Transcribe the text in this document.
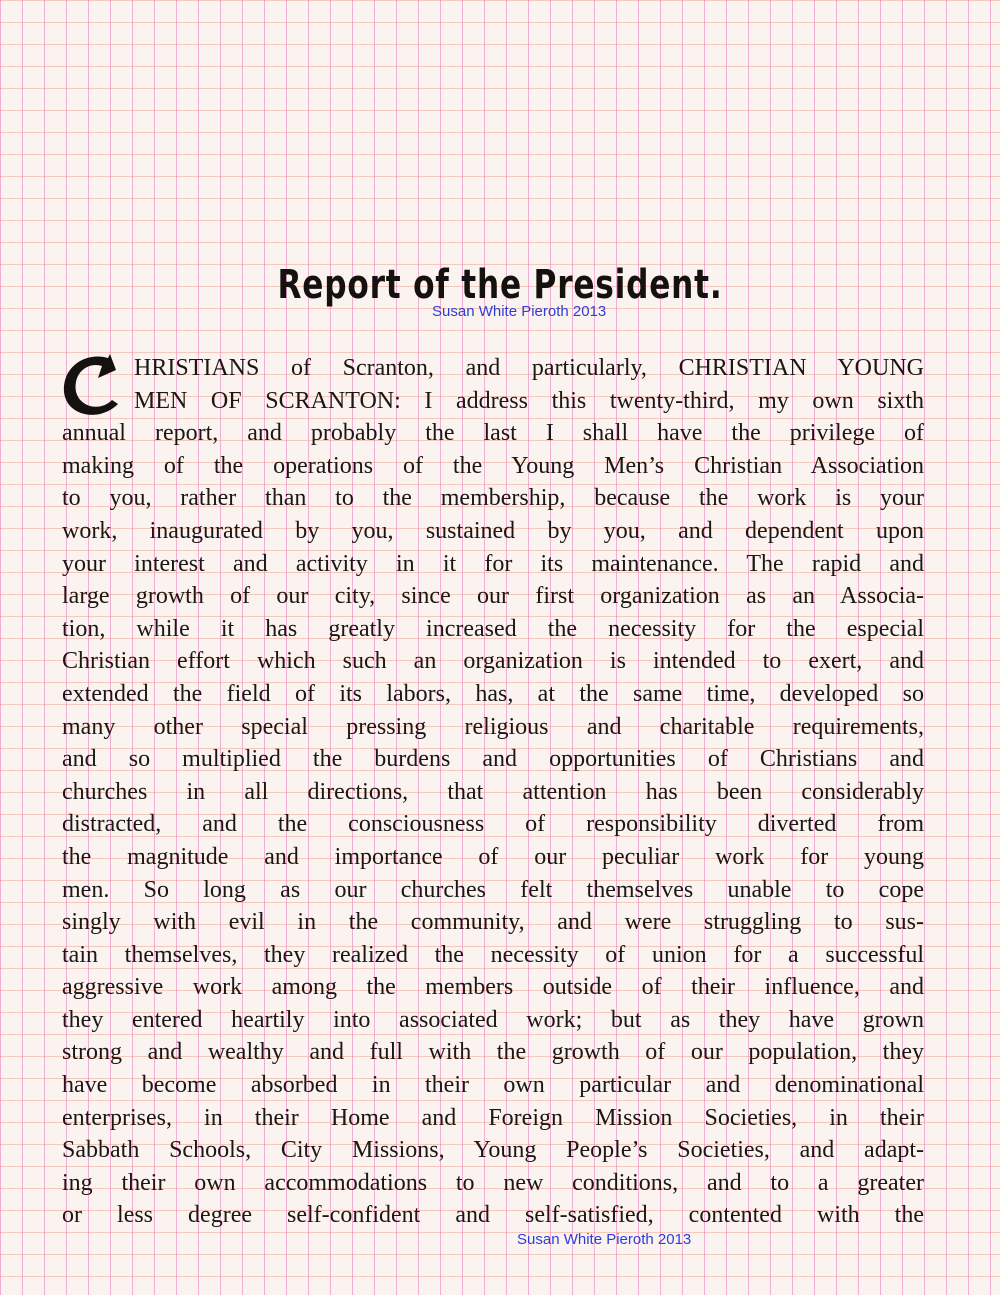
Report of the President.
Susan White Pieroth 2013
HRISTIANS of Scranton, and particularly, CHRISTIAN YOUNG
MEN OF SCRANTON: I address this twenty-third, my own sixth
annual report, and probably the last I shall have the privilege of
making of the operations of the Young Men’s Christian Association
to you, rather than to the membership, because the work is your
work, inaugurated by you, sustained by you, and dependent upon
your interest and activity in it for its maintenance. The rapid and
large growth of our city, since our first organization as an Associa-
tion, while it has greatly increased the necessity for the especial
Christian effort which such an organization is intended to exert, and
extended the field of its labors, has, at the same time, developed so
many other special pressing religious and charitable requirements,
and so multiplied the burdens and opportunities of Christians and
churches in all directions, that attention has been considerably
distracted, and the consciousness of responsibility diverted from
the magnitude and importance of our peculiar work for young
men. So long as our churches felt themselves unable to cope
singly with evil in the community, and were struggling to sus-
tain themselves, they realized the necessity of union for a successful
aggressive work among the members outside of their influence, and
they entered heartily into associated work; but as they have grown
strong and wealthy and full with the growth of our population, they
have become absorbed in their own particular and denominational
enterprises, in their Home and Foreign Mission Societies, in their
Sabbath Schools, City Missions, Young People’s Societies, and adapt-
ing their own accommodations to new conditions, and to a greater
or less degree self-confident and self-satisfied, contented with the
Susan White Pieroth 2013
